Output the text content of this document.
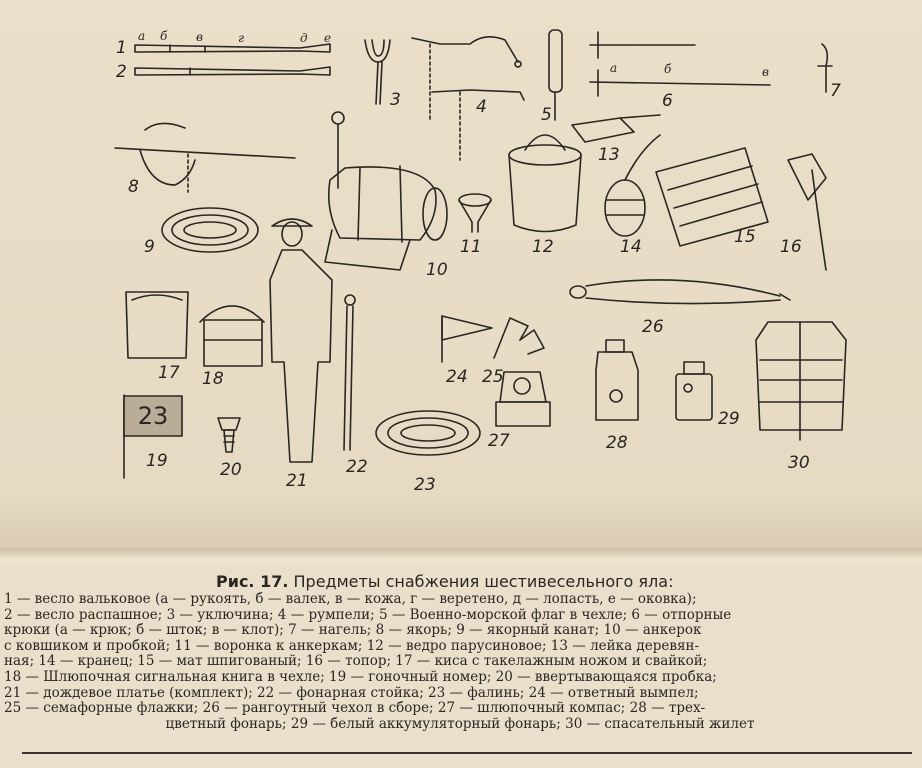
1
2
3	4	5
6	7
8
9
10
11	12
13
14	15 16
17 18
19	20
21
22
23
24 25
26
27	28
29
30
а б в	г	д е
а	б	в
23
Рис. 17. Предметы снабжения шестивесельного яла:
1 — весло вальковое (а — рукоять, б — валек, в — кожа, г — веретено, д — лопасть, е — оковка);
2 — весло распашное; 3 — уключина; 4 — румпели; 5 — Военно-морской флаг в чехле; 6 — отпорные
крюки (а — крюк; б — шток; в — клот); 7 — нагель; 8 — якорь; 9 — якорный канат; 10 — анкерок
с ковшиком и пробкой; 11 — воронка к анкеркам; 12 — ведро парусиновое; 13 — лейка деревян-
ная; 14 — кранец; 15 — мат шпигованый; 16 — топор; 17 — киса с такелажным ножом и свайкой;
18 — Шлюпочная сигнальная книга в чехле; 19 — гоночный номер; 20 — ввертывающаяся пробка;
21 — дождевое платье (комплект); 22 — фонарная стойка; 23 — фалинь; 24 — ответный вымпел;
25 — семафорные флажки; 26 — рангоутный чехол в сборе; 27 — шлюпочный компас; 28 — трех-
цветный фонарь; 29 — белый аккумуляторный фонарь; 30 — спасательный жилет
